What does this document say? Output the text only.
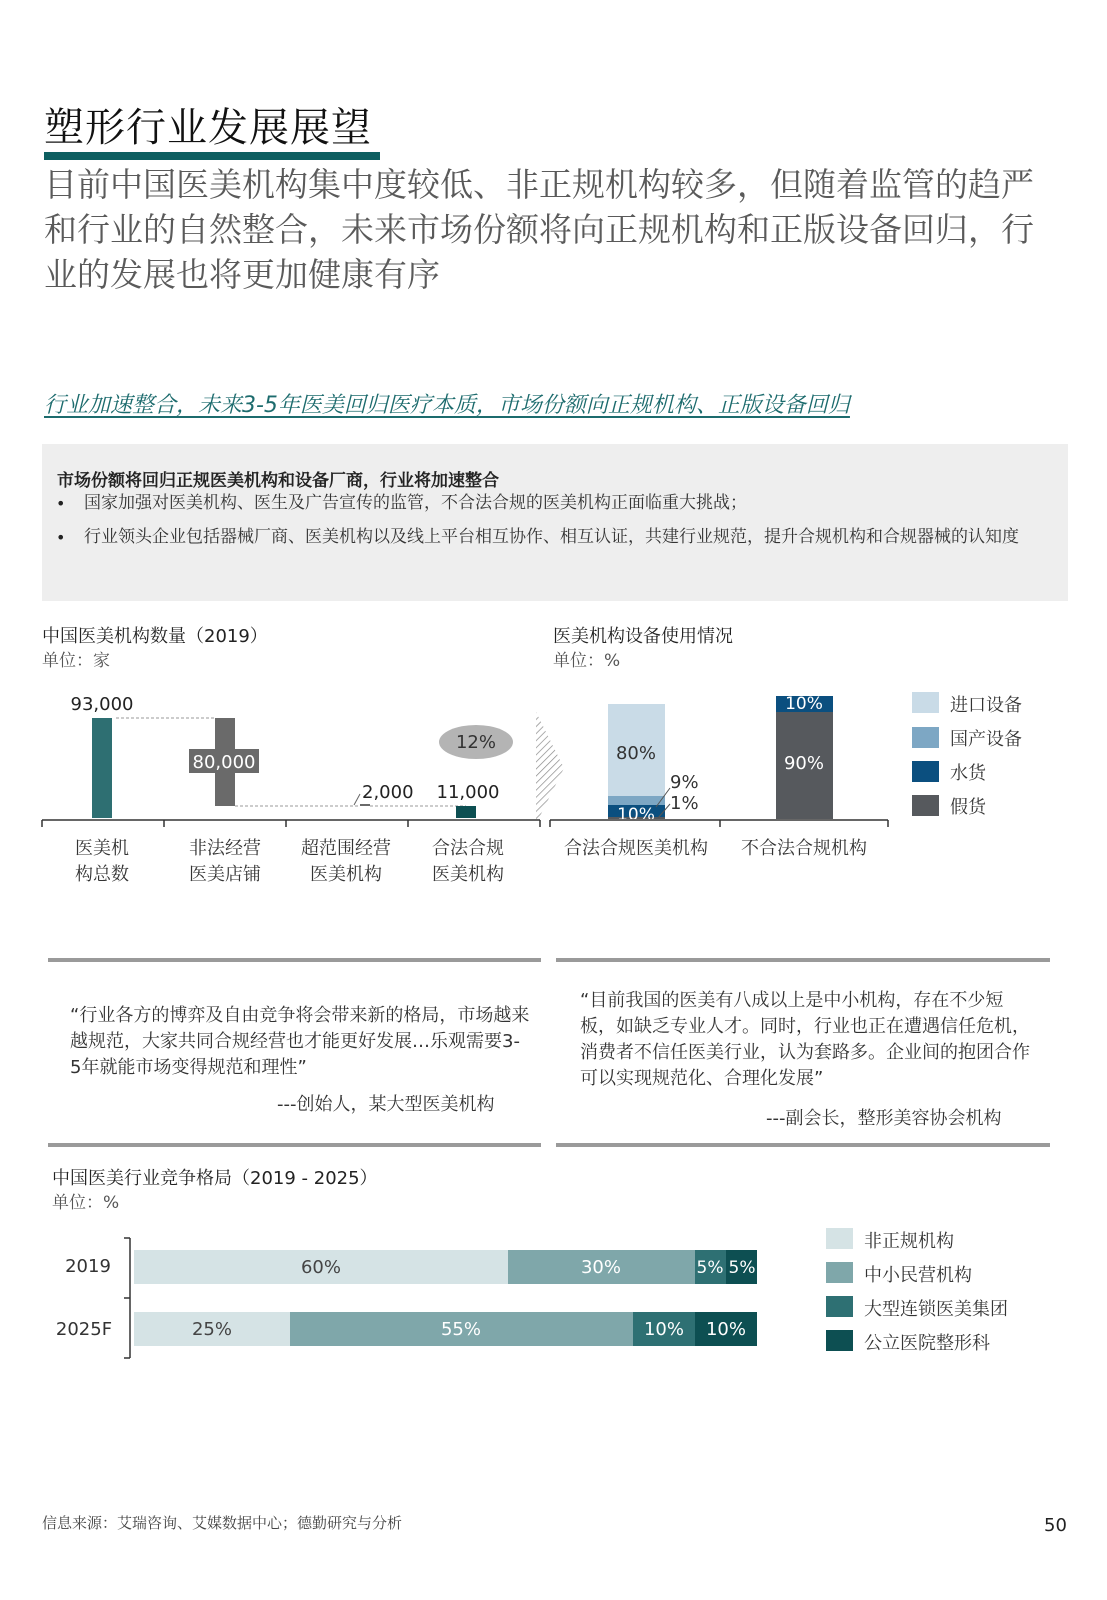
塑形行业发展展望
目前中国医美机构集中度较低、非正规机构较多，但随着监管的趋严和行业的自然整合，未来市场份额将向正规机构和正版设备回归，行业的发展也将更加健康有序
行业加速整合，未来3-5年医美回归医疗本质，市场份额向正规机构、正版设备回归
市场份额将回归正规医美机构和设备厂商，行业将加速整合
• 国家加强对医美机构、医生及广告宣传的监管，不合法合规的医美机构正面临重大挑战；
• 行业领头企业包括器械厂商、医美机构以及线上平台相互协作、相互认证，共建行业规范，提升合规机构和合规器械的认知度
中国医美机构数量（2019）
单位：家
93,000
80,000
2,000 11,000
12%
医美机
构总数
非法经营
医美店铺
超范围经营
医美机构
合法合规
医美机构
医美机构设备使用情况
单位：%
80%
10%
9%
1%
10%
90%
合法合规医美机构 不合法合规机构
进口设备
国产设备
水货
假货
“行业各方的博弈及自由竞争将会带来新的格局，市场越来越规范，大家共同合规经营也才能更好发展…乐观需要3-5年就能市场变得规范和理性”
---创始人，某大型医美机构
“目前我国的医美有八成以上是中小机构，存在不少短板，如缺乏专业人才。同时，行业也正在遭遇信任危机，消费者不信任医美行业，认为套路多。企业间的抱团合作可以实现规范化、合理化发展”
---副会长，整形美容协会机构
中国医美行业竞争格局（2019 - 2025）
单位：%
2019
2025F
60%	30%	5% 5%
25%	55%	10% 10%
非正规机构
中小民营机构
大型连锁医美集团
公立医院整形科
信息来源：艾瑞咨询、艾媒数据中心；德勤研究与分析	50
